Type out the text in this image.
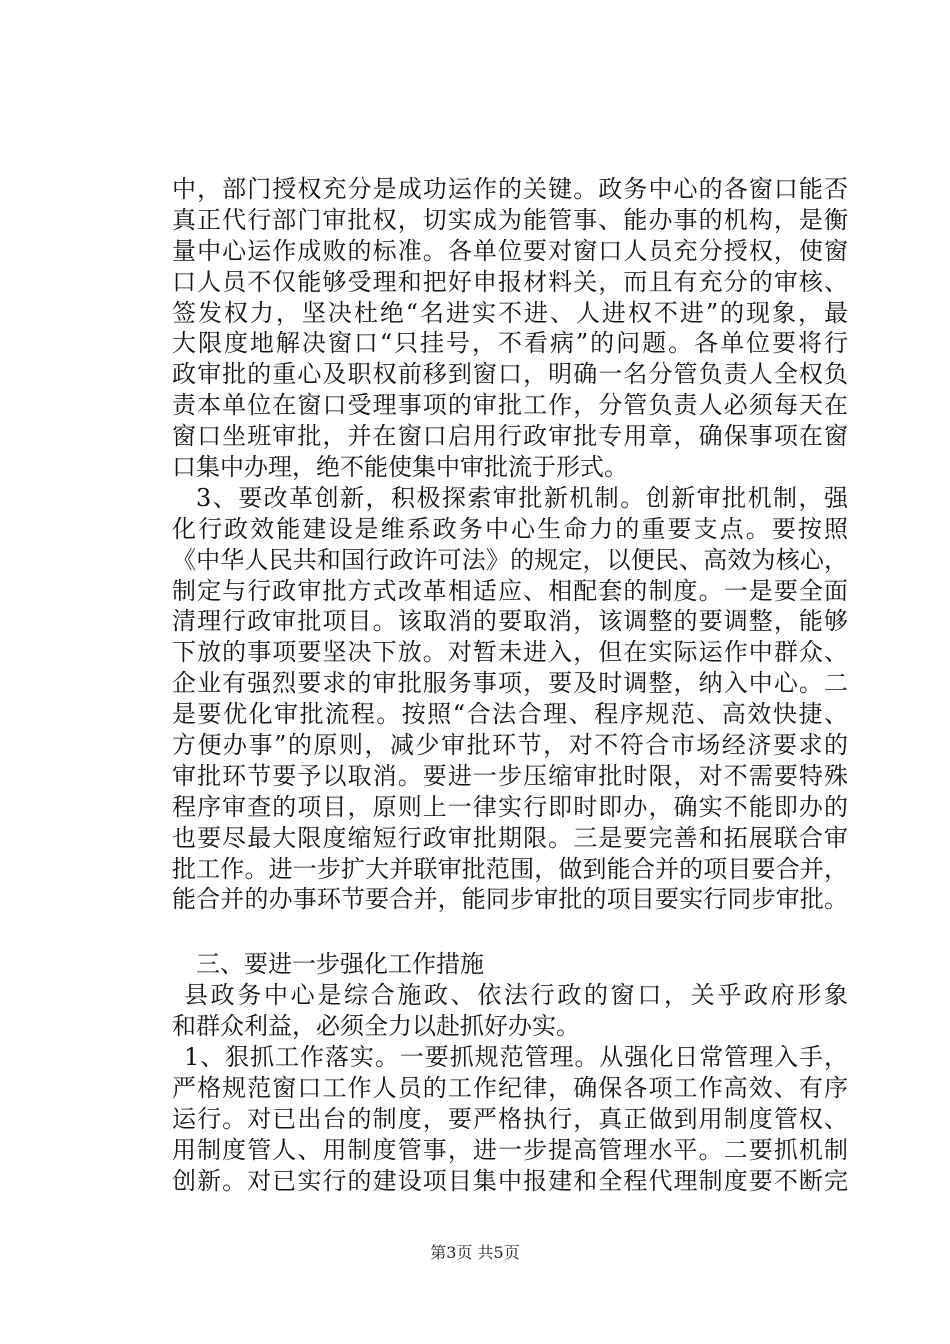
中，部门授权充分是成功运作的关键。政务中心的各窗口能否
真正代行部门审批权，切实成为能管事、能办事的机构，是衡
量中心运作成败的标准。各单位要对窗口人员充分授权，使窗
口人员不仅能够受理和把好申报材料关，而且有充分的审核、
签发权力，坚决杜绝“名进实不进、人进权不进”的现象，最
大限度地解决窗口“只挂号，不看病”的问题。各单位要将行
政审批的重心及职权前移到窗口，明确一名分管负责人全权负
责本单位在窗口受理事项的审批工作，分管负责人必须每天在
窗口坐班审批，并在窗口启用行政审批专用章，确保事项在窗
口集中办理，绝不能使集中审批流于形式。
3、要改革创新，积极探索审批新机制。创新审批机制，强
化行政效能建设是维系政务中心生命力的重要支点。要按照
《中华人民共和国行政许可法》的规定，以便民、高效为核心，
制定与行政审批方式改革相适应、相配套的制度。一是要全面
清理行政审批项目。该取消的要取消，该调整的要调整，能够
下放的事项要坚决下放。对暂未进入，但在实际运作中群众、
企业有强烈要求的审批服务事项，要及时调整，纳入中心。二
是要优化审批流程。按照“合法合理、程序规范、高效快捷、
方便办事”的原则，减少审批环节，对不符合市场经济要求的
审批环节要予以取消。要进一步压缩审批时限，对不需要特殊
程序审查的项目，原则上一律实行即时即办，确实不能即办的
也要尽最大限度缩短行政审批期限。三是要完善和拓展联合审
批工作。进一步扩大并联审批范围，做到能合并的项目要合并，
能合并的办事环节要合并，能同步审批的项目要实行同步审批。
三、要进一步强化工作措施
县政务中心是综合施政、依法行政的窗口，关乎政府形象
和群众利益，必须全力以赴抓好办实。
1、狠抓工作落实。一要抓规范管理。从强化日常管理入手，
严格规范窗口工作人员的工作纪律，确保各项工作高效、有序
运行。对已出台的制度，要严格执行，真正做到用制度管权、
用制度管人、用制度管事，进一步提高管理水平。二要抓机制
创新。对已实行的建设项目集中报建和全程代理制度要不断完
第3页 共5页
